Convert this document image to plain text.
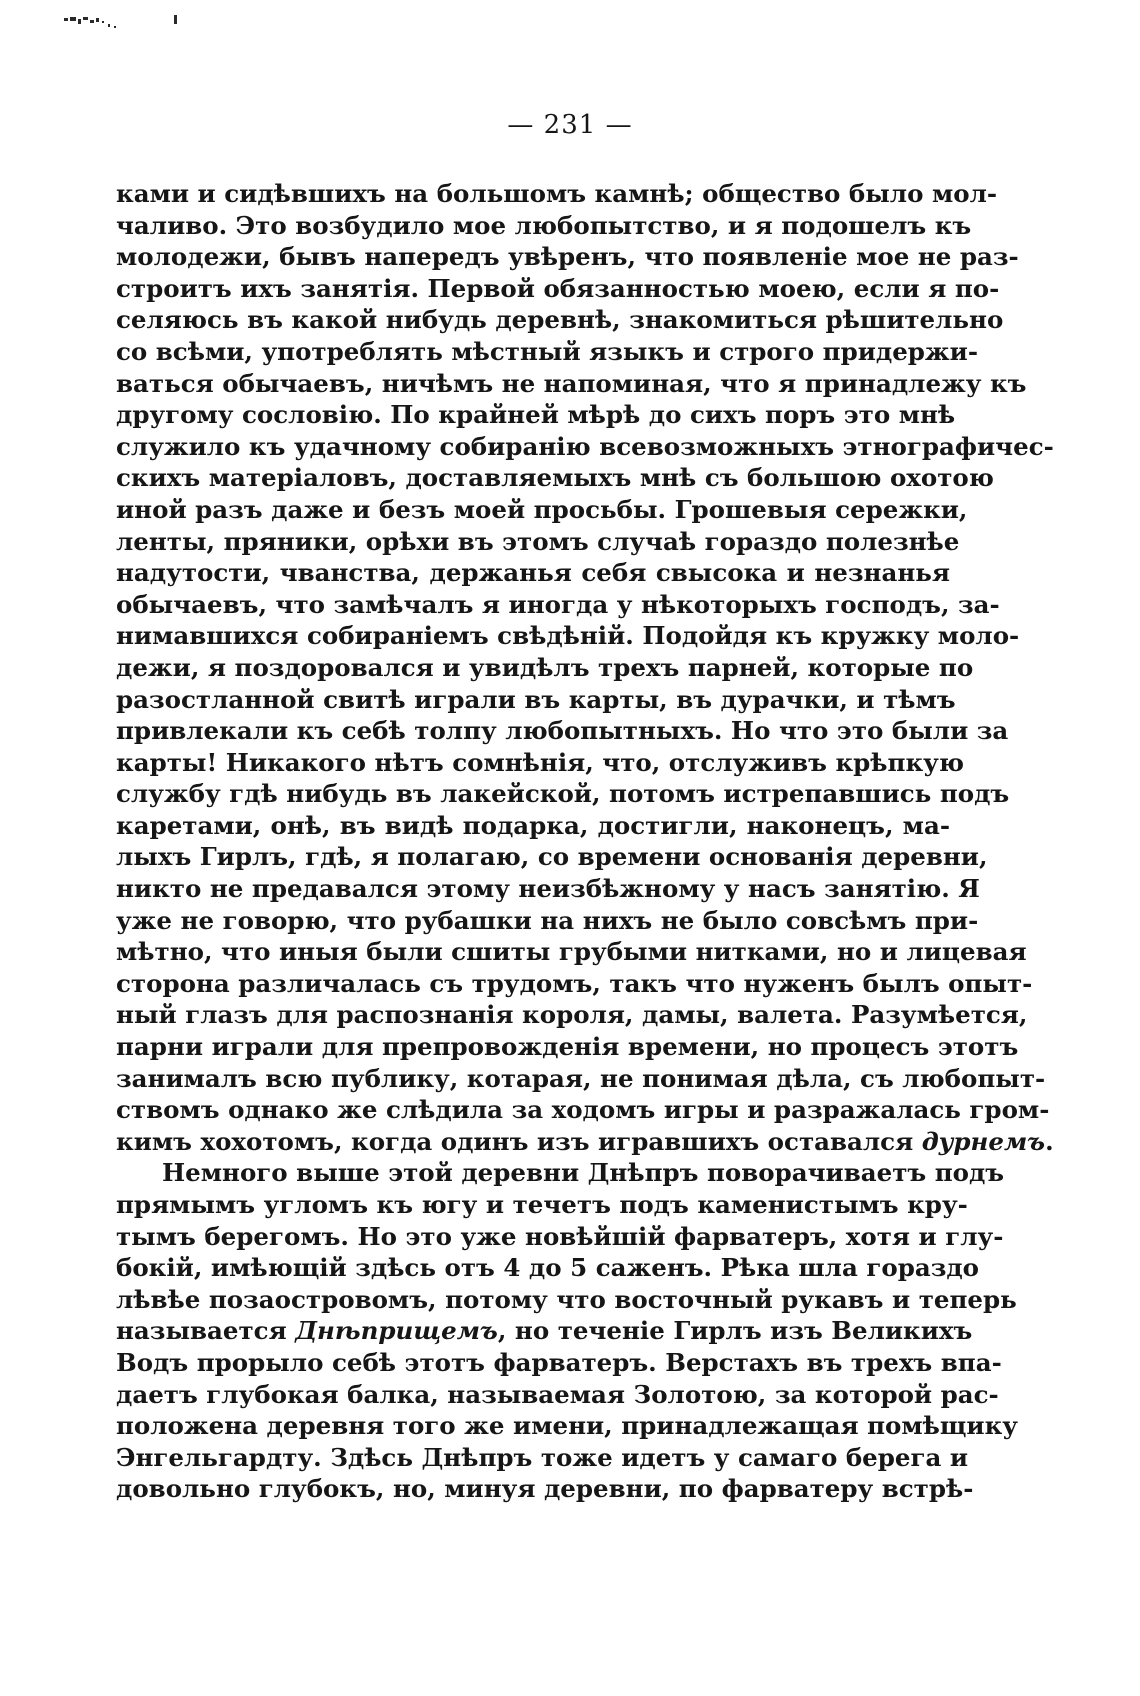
— 231 —
ками и сидѣвшихъ на большомъ камнѣ; общество было мол-
чаливо. Это возбудило мое любопытство, и я подошелъ къ
молодежи, бывъ напередъ увѣренъ, что появленіе мое не раз-
строитъ ихъ занятія. Первой обязанностью моею, если я по-
селяюсь въ какой нибудь деревнѣ, знакомиться рѣшительно
со всѣми, употреблять мѣстный языкъ и строго придержи-
ваться обычаевъ, ничѣмъ не напоминая, что я принадлежу къ
другому сословію. По крайней мѣрѣ до сихъ поръ это мнѣ
служило къ удачному собиранію всевозможныхъ этнографичес-
скихъ матеріаловъ, доставляемыхъ мнѣ съ большою охотою
иной разъ даже и безъ моей просьбы. Грошевыя сережки,
ленты, пряники, орѣхи въ этомъ случаѣ гораздо полезнѣе
надутости, чванства, держанья себя свысока и незнанья
обычаевъ, что замѣчалъ я иногда у нѣкоторыхъ господъ, за-
нимавшихся собираніемъ свѣдѣній. Подойдя къ кружку моло-
дежи, я поздоровался и увидѣлъ трехъ парней, которые по
разостланной свитѣ играли въ карты, въ дурачки, и тѣмъ
привлекали къ себѣ толпу любопытныхъ. Но что это были за
карты! Никакого нѣтъ сомнѣнія, что, отслуживъ крѣпкую
службу гдѣ нибудь въ лакейской, потомъ истрепавшись подъ
каретами, онѣ, въ видѣ подарка, достигли, наконецъ, ма-
лыхъ Гирлъ, гдѣ, я полагаю, со времени основанія деревни,
никто не предавался этому неизбѣжному у насъ занятію. Я
уже не говорю, что рубашки на нихъ не было совсѣмъ при-
мѣтно, что иныя были сшиты грубыми нитками, но и лицевая
сторона различалась съ трудомъ, такъ что нуженъ былъ опыт-
ный глазъ для распознанія короля, дамы, валета. Разумѣется,
парни играли для препровожденія времени, но процесъ этотъ
занималъ всю публику, котарая, не понимая дѣла, съ любопыт-
ствомъ однако же слѣдила за ходомъ игры и разражалась гром-
кимъ хохотомъ, когда одинъ изъ игравшихъ оставался дурнемъ.
Немного выше этой деревни Днѣпръ поворачиваетъ подъ
прямымъ угломъ къ югу и течетъ подъ каменистымъ кру-
тымъ берегомъ. Но это уже новѣйшій фарватеръ, хотя и глу-
бокій, имѣющій здѣсь отъ 4 до 5 саженъ. Рѣка шла гораздо
лѣвѣе позаостровомъ, потому что восточный рукавъ и теперь
называется Днѣприщемъ, но теченіе Гирлъ изъ Великихъ
Водъ прорыло себѣ этотъ фарватеръ. Верстахъ въ трехъ впа-
даетъ глубокая балка, называемая Золотою, за которой рас-
положена деревня того же имени, принадлежащая помѣщику
Энгельгардту. Здѣсь Днѣпръ тоже идетъ у самаго берега и
довольно глубокъ, но, минуя деревни, по фарватеру встрѣ-
